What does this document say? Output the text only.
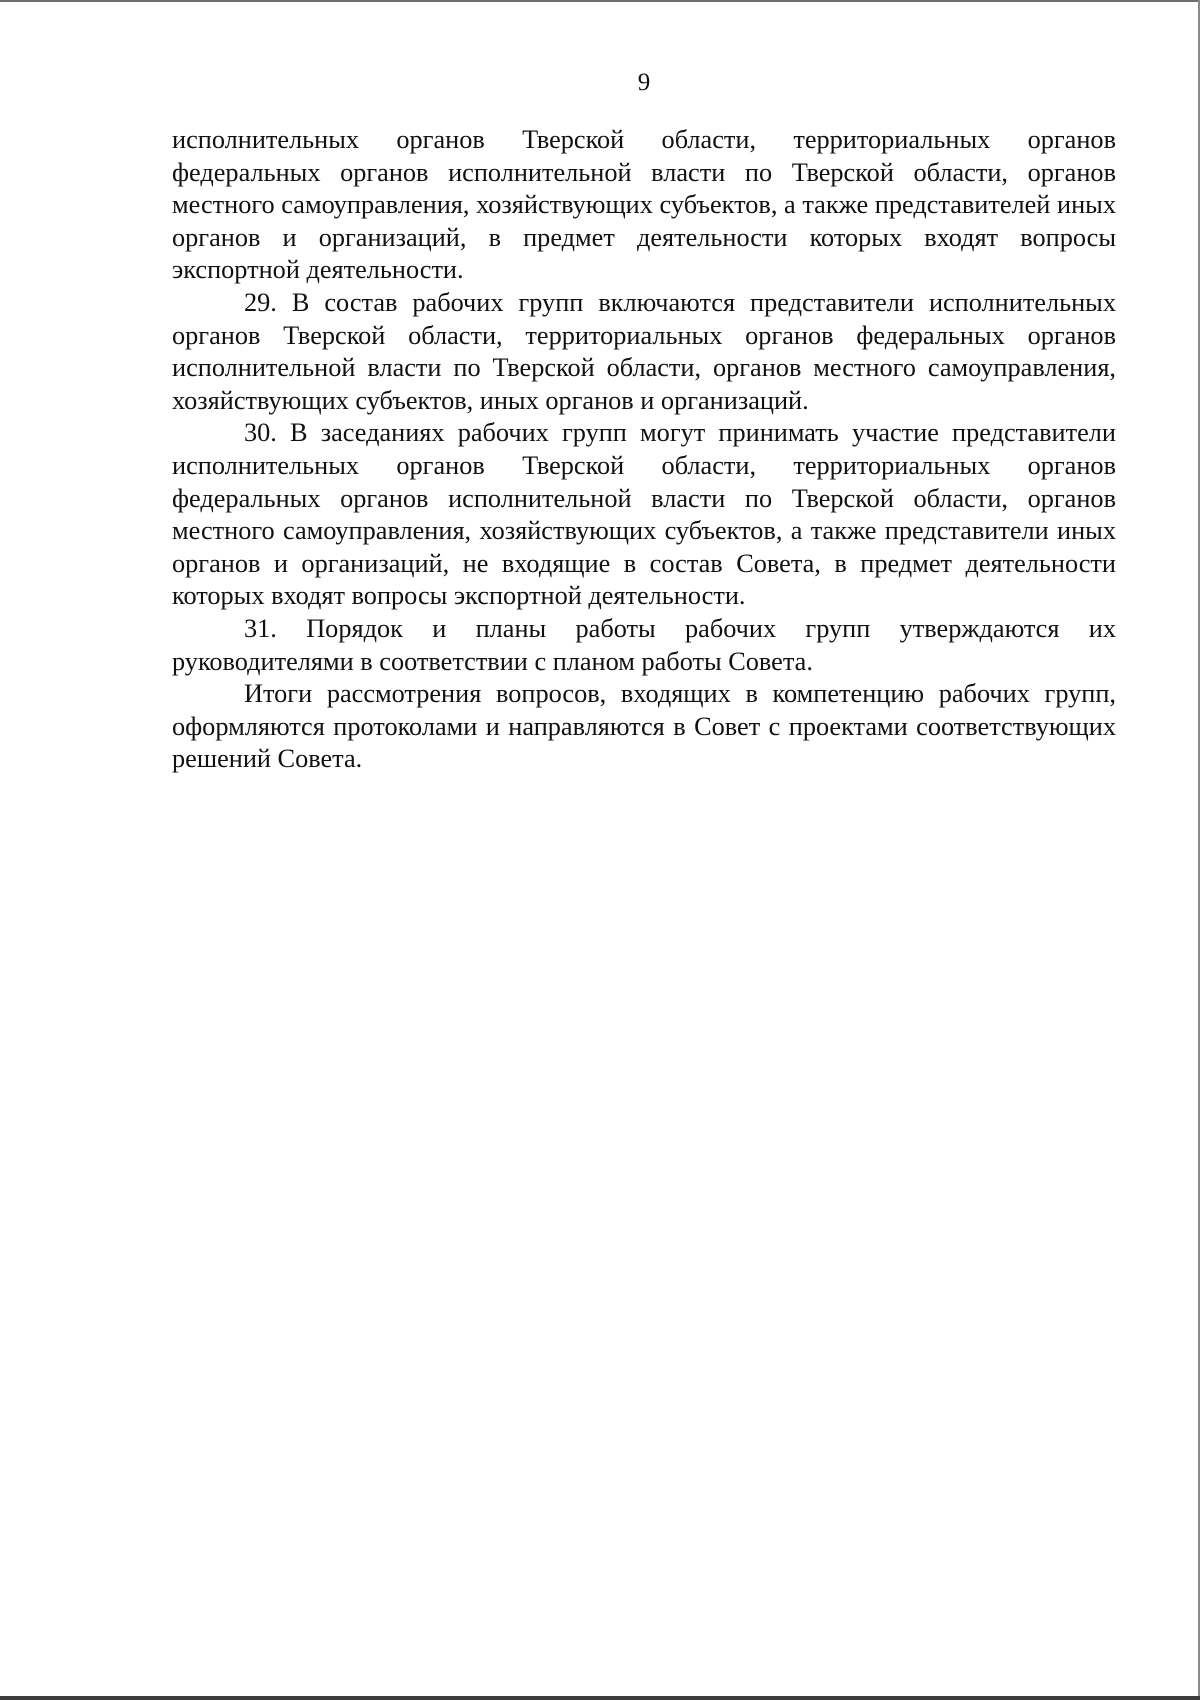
9

исполнительных органов Тверской области, территориальных органов федеральных органов исполнительной власти по Тверской области, органов местного самоуправления, хозяйствующих субъектов, а также представителей иных органов и организаций, в предмет деятельности которых входят вопросы экспортной деятельности.

29. В состав рабочих групп включаются представители исполнительных органов Тверской области, территориальных органов федеральных органов исполнительной власти по Тверской области, органов местного самоуправления, хозяйствующих субъектов, иных органов и организаций.

30. В заседаниях рабочих групп могут принимать участие представители исполнительных органов Тверской области, территориальных органов федеральных органов исполнительной власти по Тверской области, органов местного самоуправления, хозяйствующих субъектов, а также представители иных органов и организаций, не входящие в состав Совета, в предмет деятельности которых входят вопросы экспортной деятельности.

31. Порядок и планы работы рабочих групп утверждаются их руководителями в соответствии с планом работы Совета.

Итоги рассмотрения вопросов, входящих в компетенцию рабочих групп, оформляются протоколами и направляются в Совет с проектами соответствующих решений Совета.
